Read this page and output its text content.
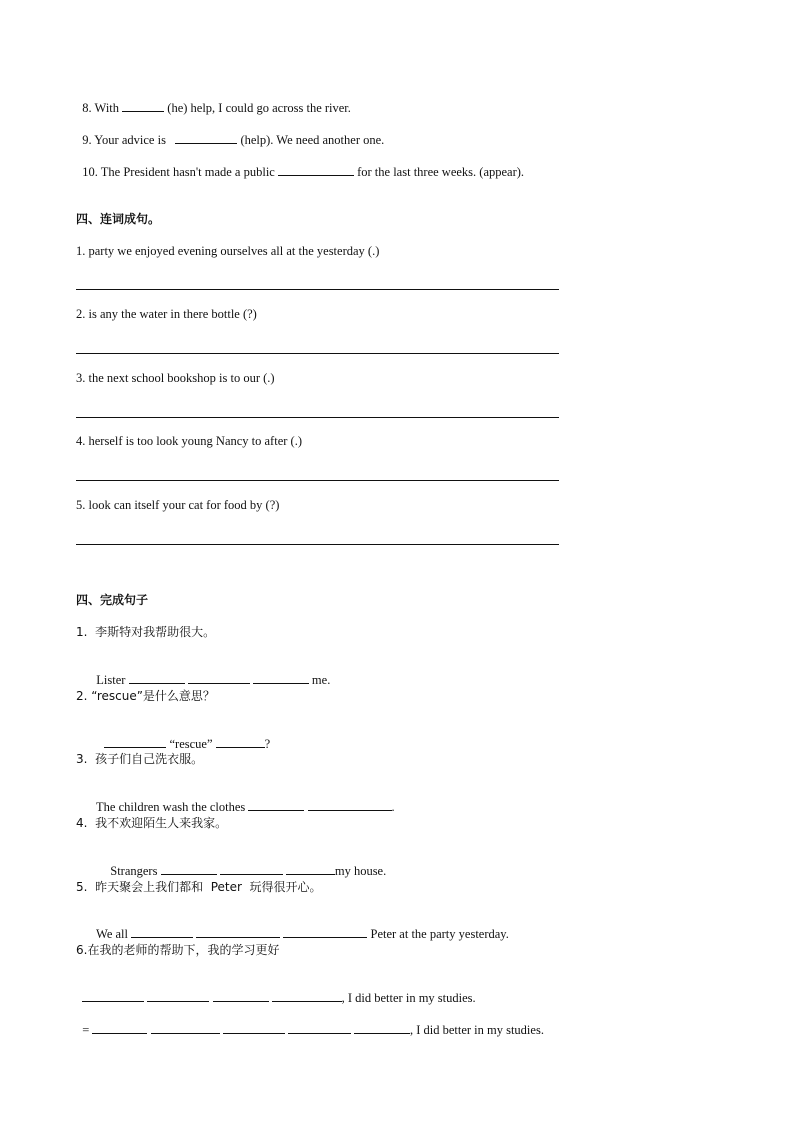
8. With	(he) help, I could go across the river.

9. Your advice is	(help). We need another one.

10. The President hasn't made a public	for the last three weeks. (appear).

四、连词成句。
1. party we enjoyed evening ourselves all at the yesterday (.)
2. is any the water in there bottle (?)
3. the next school bookshop is to our (.)
4. herself is too look young Nancy to after (.)
5. look can itself your cat for food by (?)
四、完成句子
1.  李斯特对我帮助很大。

Lister	me.

2. “rescue”是什么意思？

“rescue”	?

3.  孩子们自己洗衣服。

The children wash the clothes	.

4.  我不欢迎陌生人来我家。

Strangers	my house.

5.  昨天聚会上我们都和  Peter  玩得很开心。

We all	Peter at the party yesterday.

6.在我的老师的帮助下，我的学习更好

, I did better in my studies.

=	, I did better in my studies.
